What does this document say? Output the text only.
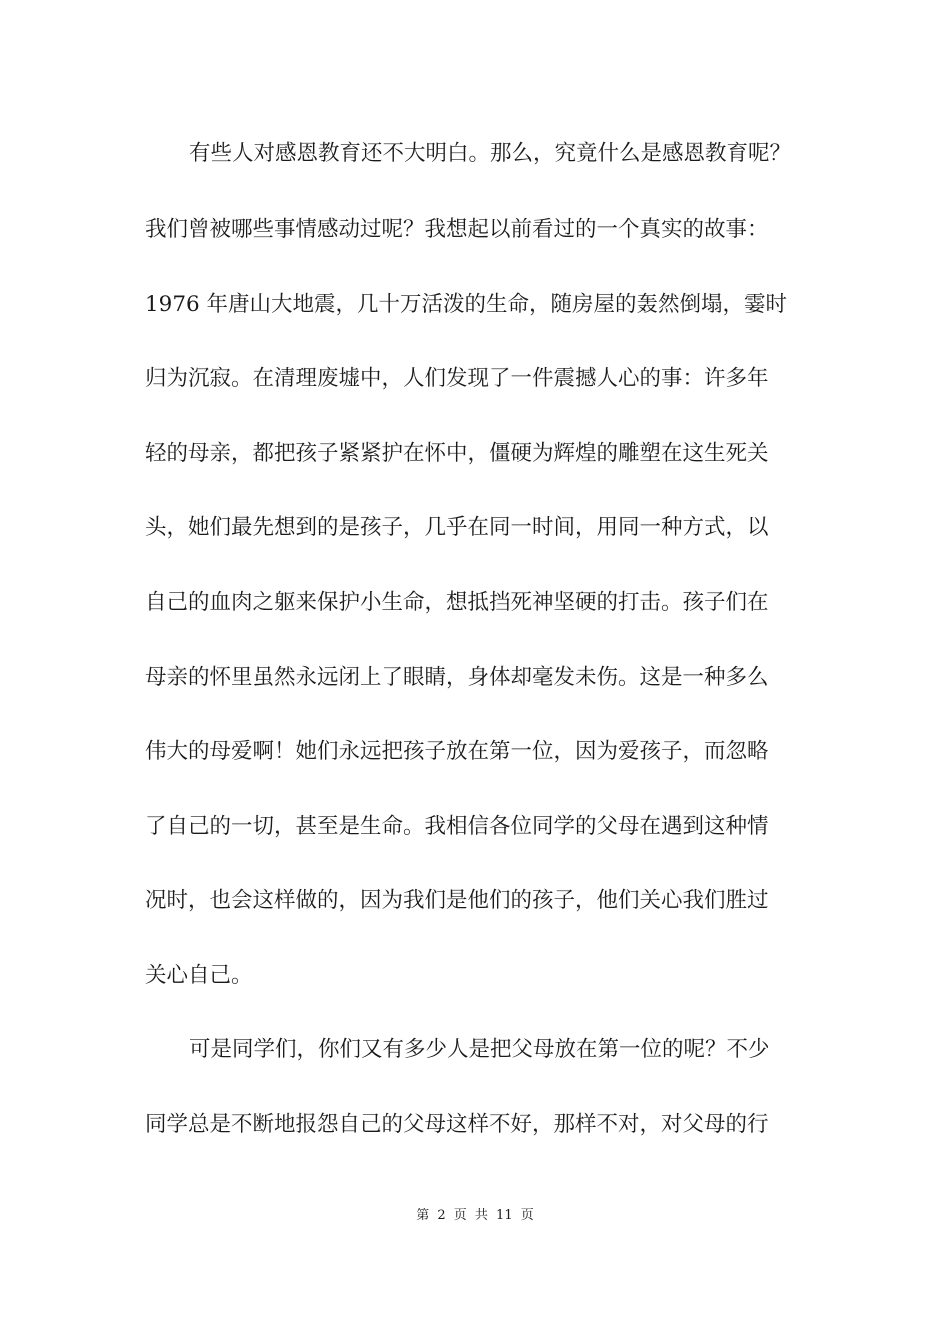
有些人对感恩教育还不大明白。那么，究竟什么是感恩教育呢？
我们曾被哪些事情感动过呢？我想起以前看过的一个真实的故事：
1976 年唐山大地震，几十万活泼的生命，随房屋的轰然倒塌，霎时
归为沉寂。在清理废墟中，人们发现了一件震撼人心的事：许多年
轻的母亲，都把孩子紧紧护在怀中，僵硬为辉煌的雕塑在这生死关
头，她们最先想到的是孩子，几乎在同一时间，用同一种方式，以
自己的血肉之躯来保护小生命，想抵挡死神坚硬的打击。孩子们在
母亲的怀里虽然永远闭上了眼睛，身体却毫发未伤。这是一种多么
伟大的母爱啊！她们永远把孩子放在第一位，因为爱孩子，而忽略
了自己的一切，甚至是生命。我相信各位同学的父母在遇到这种情
况时，也会这样做的，因为我们是他们的孩子，他们关心我们胜过
关心自己。
可是同学们，你们又有多少人是把父母放在第一位的呢？不少
同学总是不断地报怨自己的父母这样不好，那样不对，对父母的行
第 2 页 共 11 页
